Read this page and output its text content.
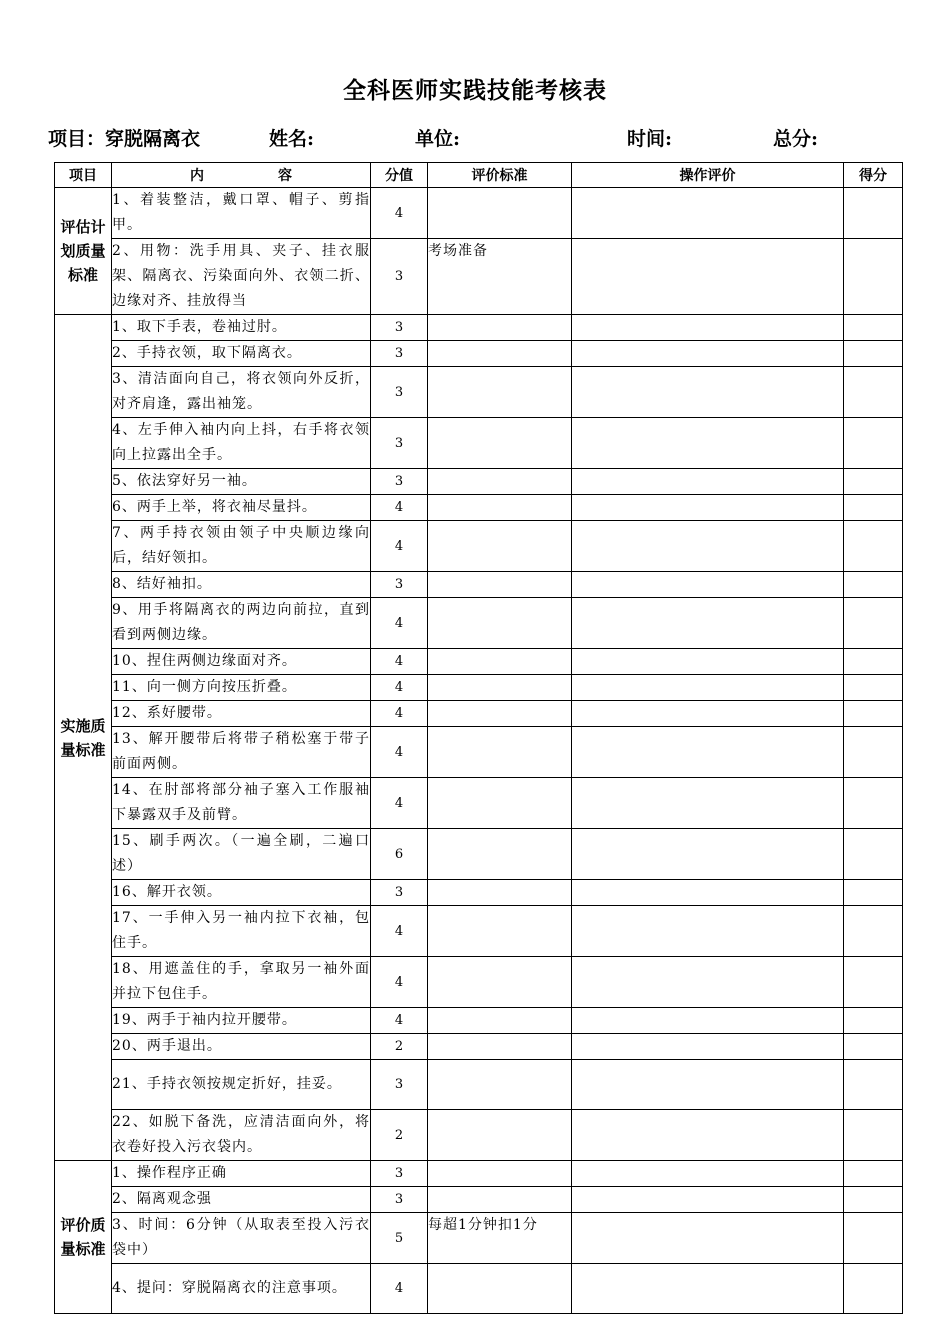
全科医师实践技能考核表
项目：穿脱隔离衣	姓名:	单位:	时间:	总分:
项目	内　容	分值	评价标准	操作评价	得分
评估计划质量标准	1、着装整洁，戴口罩、帽子、剪指甲。	4			
	2、用物：洗手用具、夹子、挂衣服架、隔离衣、污染面向外、衣领二折、边缘对齐、挂放得当	3	考场准备		
实施质量标准	1、取下手表，卷袖过肘。	3			
	2、手持衣领，取下隔离衣。	3			
	3、清洁面向自己，将衣领向外反折，对齐肩逢，露出袖笼。	3			
	4、左手伸入袖内向上抖，右手将衣领向上拉露出全手。	3			
	5、依法穿好另一袖。	3			
	6、两手上举，将衣袖尽量抖。	4			
	7、两手持衣领由领子中央顺边缘向后，结好领扣。	4			
	8、结好袖扣。	3			
	9、用手将隔离衣的两边向前拉，直到看到两侧边缘。	4			
	10、捏住两侧边缘面对齐。	4			
	11、向一侧方向按压折叠。	4			
	12、系好腰带。	4			
	13、解开腰带后将带子稍松塞于带子前面两侧。	4			
	14、在肘部将部分袖子塞入工作服袖下暴露双手及前臂。	4			
	15、刷手两次。（一遍全刷，二遍口述）	6			
	16、解开衣领。	3			
	17、一手伸入另一袖内拉下衣袖，包住手。	4			
	18、用遮盖住的手，拿取另一袖外面并拉下包住手。	4			
	19、两手于袖内拉开腰带。	4			
	20、两手退出。	2			
	21、手持衣领按规定折好，挂妥。	3			
	22、如脱下备洗，应清洁面向外，将衣卷好投入污衣袋内。	2			
评价质量标准	1、操作程序正确	3			
	2、隔离观念强	3			
	3、时间：6分钟（从取表至投入污衣袋中）	5	每超1分钟扣1分		
	4、提问：穿脱隔离衣的注意事项。	4			
